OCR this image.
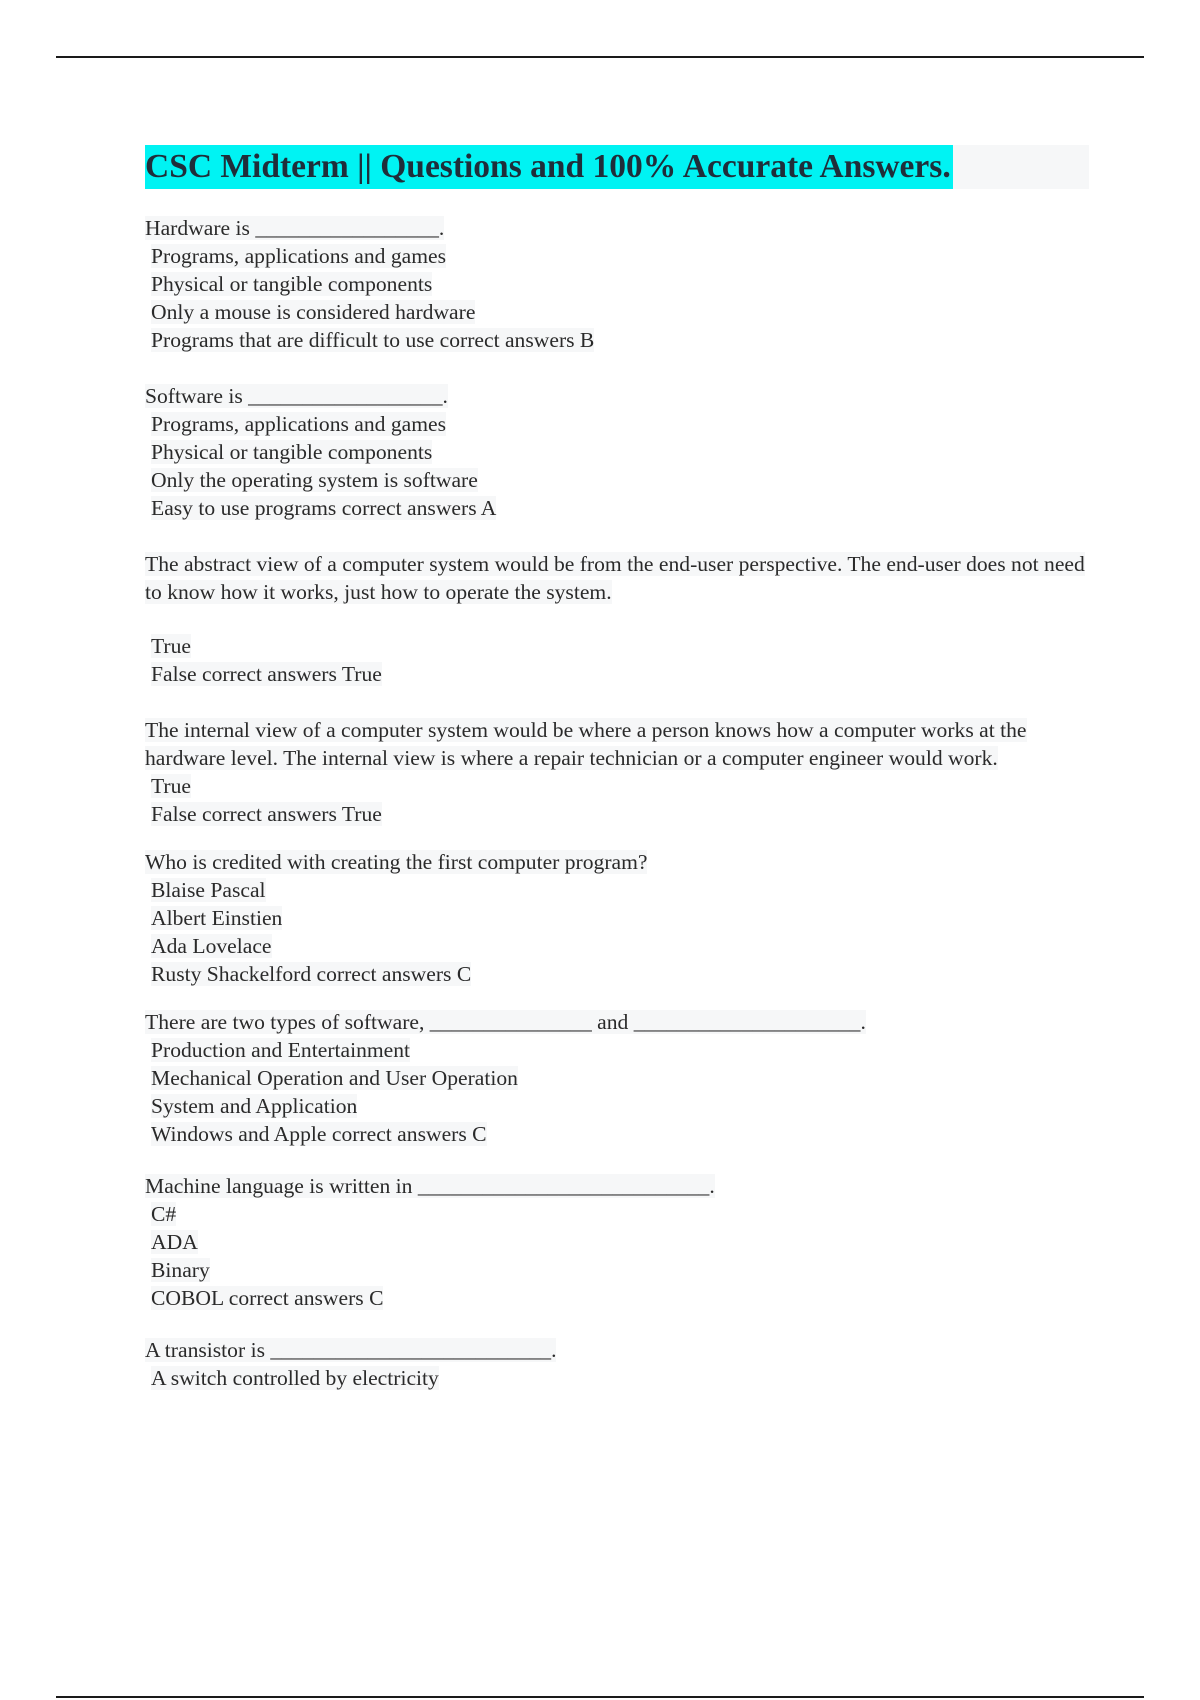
CSC Midterm || Questions and 100% Accurate Answers.
Hardware is _________________.
Programs, applications and games
Physical or tangible components
Only a mouse is considered hardware
Programs that are difficult to use correct answers B
Software is __________________.
Programs, applications and games
Physical or tangible components
Only the operating system is software
Easy to use programs correct answers A
The abstract view of a computer system would be from the end-user perspective. The end-user does not need to know how it works, just how to operate the system.
True
False correct answers True
The internal view of a computer system would be where a person knows how a computer works at the hardware level. The internal view is where a repair technician or a computer engineer would work.
True
False correct answers True
Who is credited with creating the first computer program?
Blaise Pascal
Albert Einstien
Ada Lovelace
Rusty Shackelford correct answers C
There are two types of software, _______________ and _____________________.
Production and Entertainment
Mechanical Operation and User Operation
System and Application
Windows and Apple correct answers C
Machine language is written in ___________________________.
C#
ADA
Binary
COBOL correct answers C
A transistor is __________________________.
A switch controlled by electricity
